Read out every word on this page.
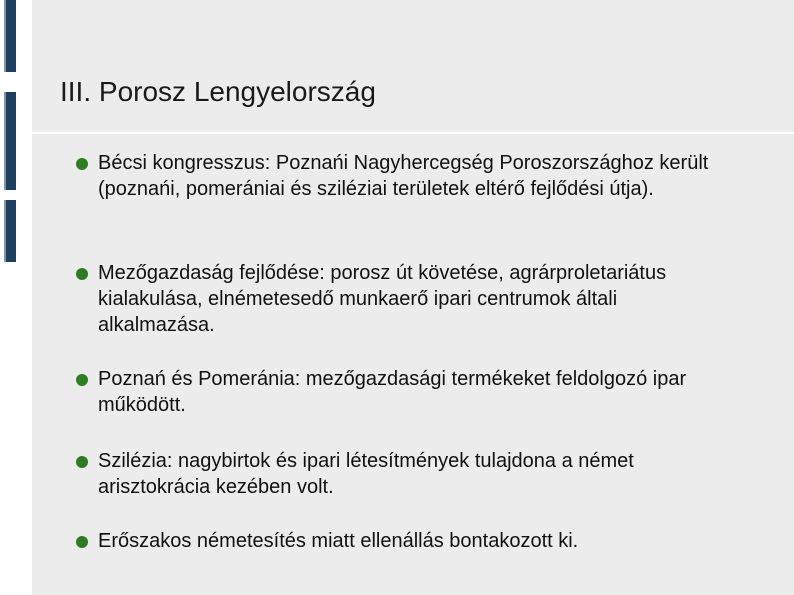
III. Porosz Lengyelország
Bécsi kongresszus: Poznańi Nagyhercegség Poroszországhoz került (poznańi, pomerániai és sziléziai területek eltérő fejlődési útja).
Mezőgazdaság fejlődése: porosz út követése, agrárproletariátus kialakulása, elnémetesedő munkaerő ipari centrumok általi alkalmazása.
Poznań és Pomeránia: mezőgazdasági termékeket feldolgozó ipar működött.
Szilézia: nagybirtok és ipari létesítmények tulajdona a német arisztokrácia kezében volt.
Erőszakos németesítés miatt ellenállás bontakozott ki.
